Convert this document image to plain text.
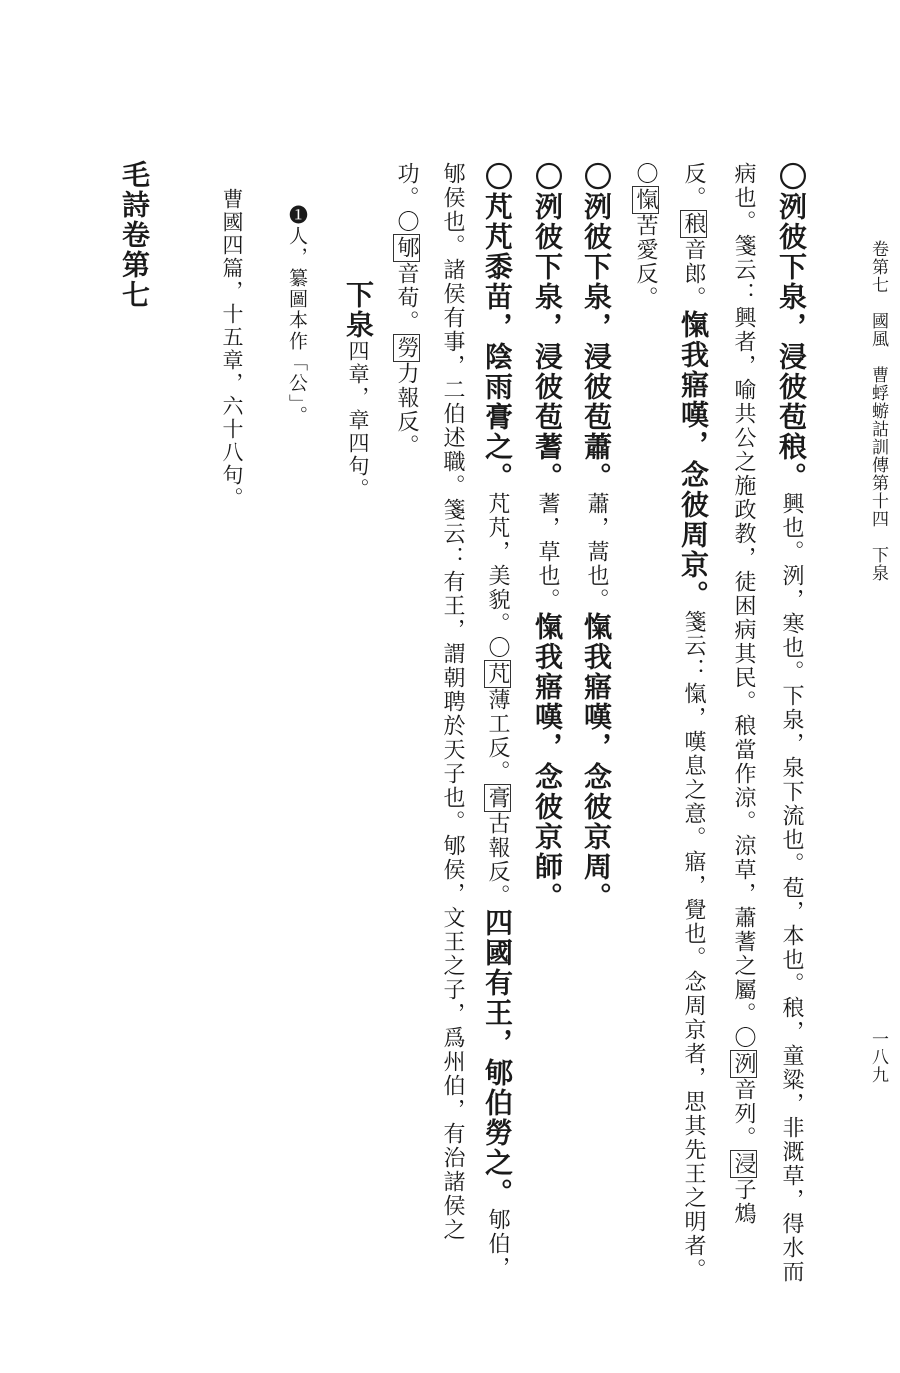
卷第七　國風　曹蜉蝣詁訓傳第十四　下泉
一八九
〇洌彼下泉，浸彼苞稂。興也。洌，寒也。下泉，泉下流也。苞，本也。稂，童粱，非溉草，得水而
病也。箋云：興者，喻共公之施政教，徒困病其民。稂當作涼。涼草，蕭蓍之屬。〇洌音列。浸子鴆
反。稂音郎。愾我寤嘆，念彼周京。箋云：愾，嘆息之意。寤，覺也。念周京者，思其先王之明者。
〇愾苦愛反。
〇洌彼下泉，浸彼苞蕭。蕭，蒿也。愾我寤嘆，念彼京周。
〇洌彼下泉，浸彼苞蓍。蓍，草也。愾我寤嘆，念彼京師。
〇芃芃黍苗，陰雨膏之。芃芃，美貌。〇芃薄工反。膏古報反。四國有王，郇伯勞之。郇伯，
郇侯也。諸侯有事，二伯述職。箋云：有王，謂朝聘於天子也。郇侯，文王之子，爲州伯，有治諸侯之
功。〇郇音荀。勞力報反。
下泉四章，章四句。
❶人，纂圖本作「公」。
曹國四篇，十五章，六十八句。
毛詩卷第七
